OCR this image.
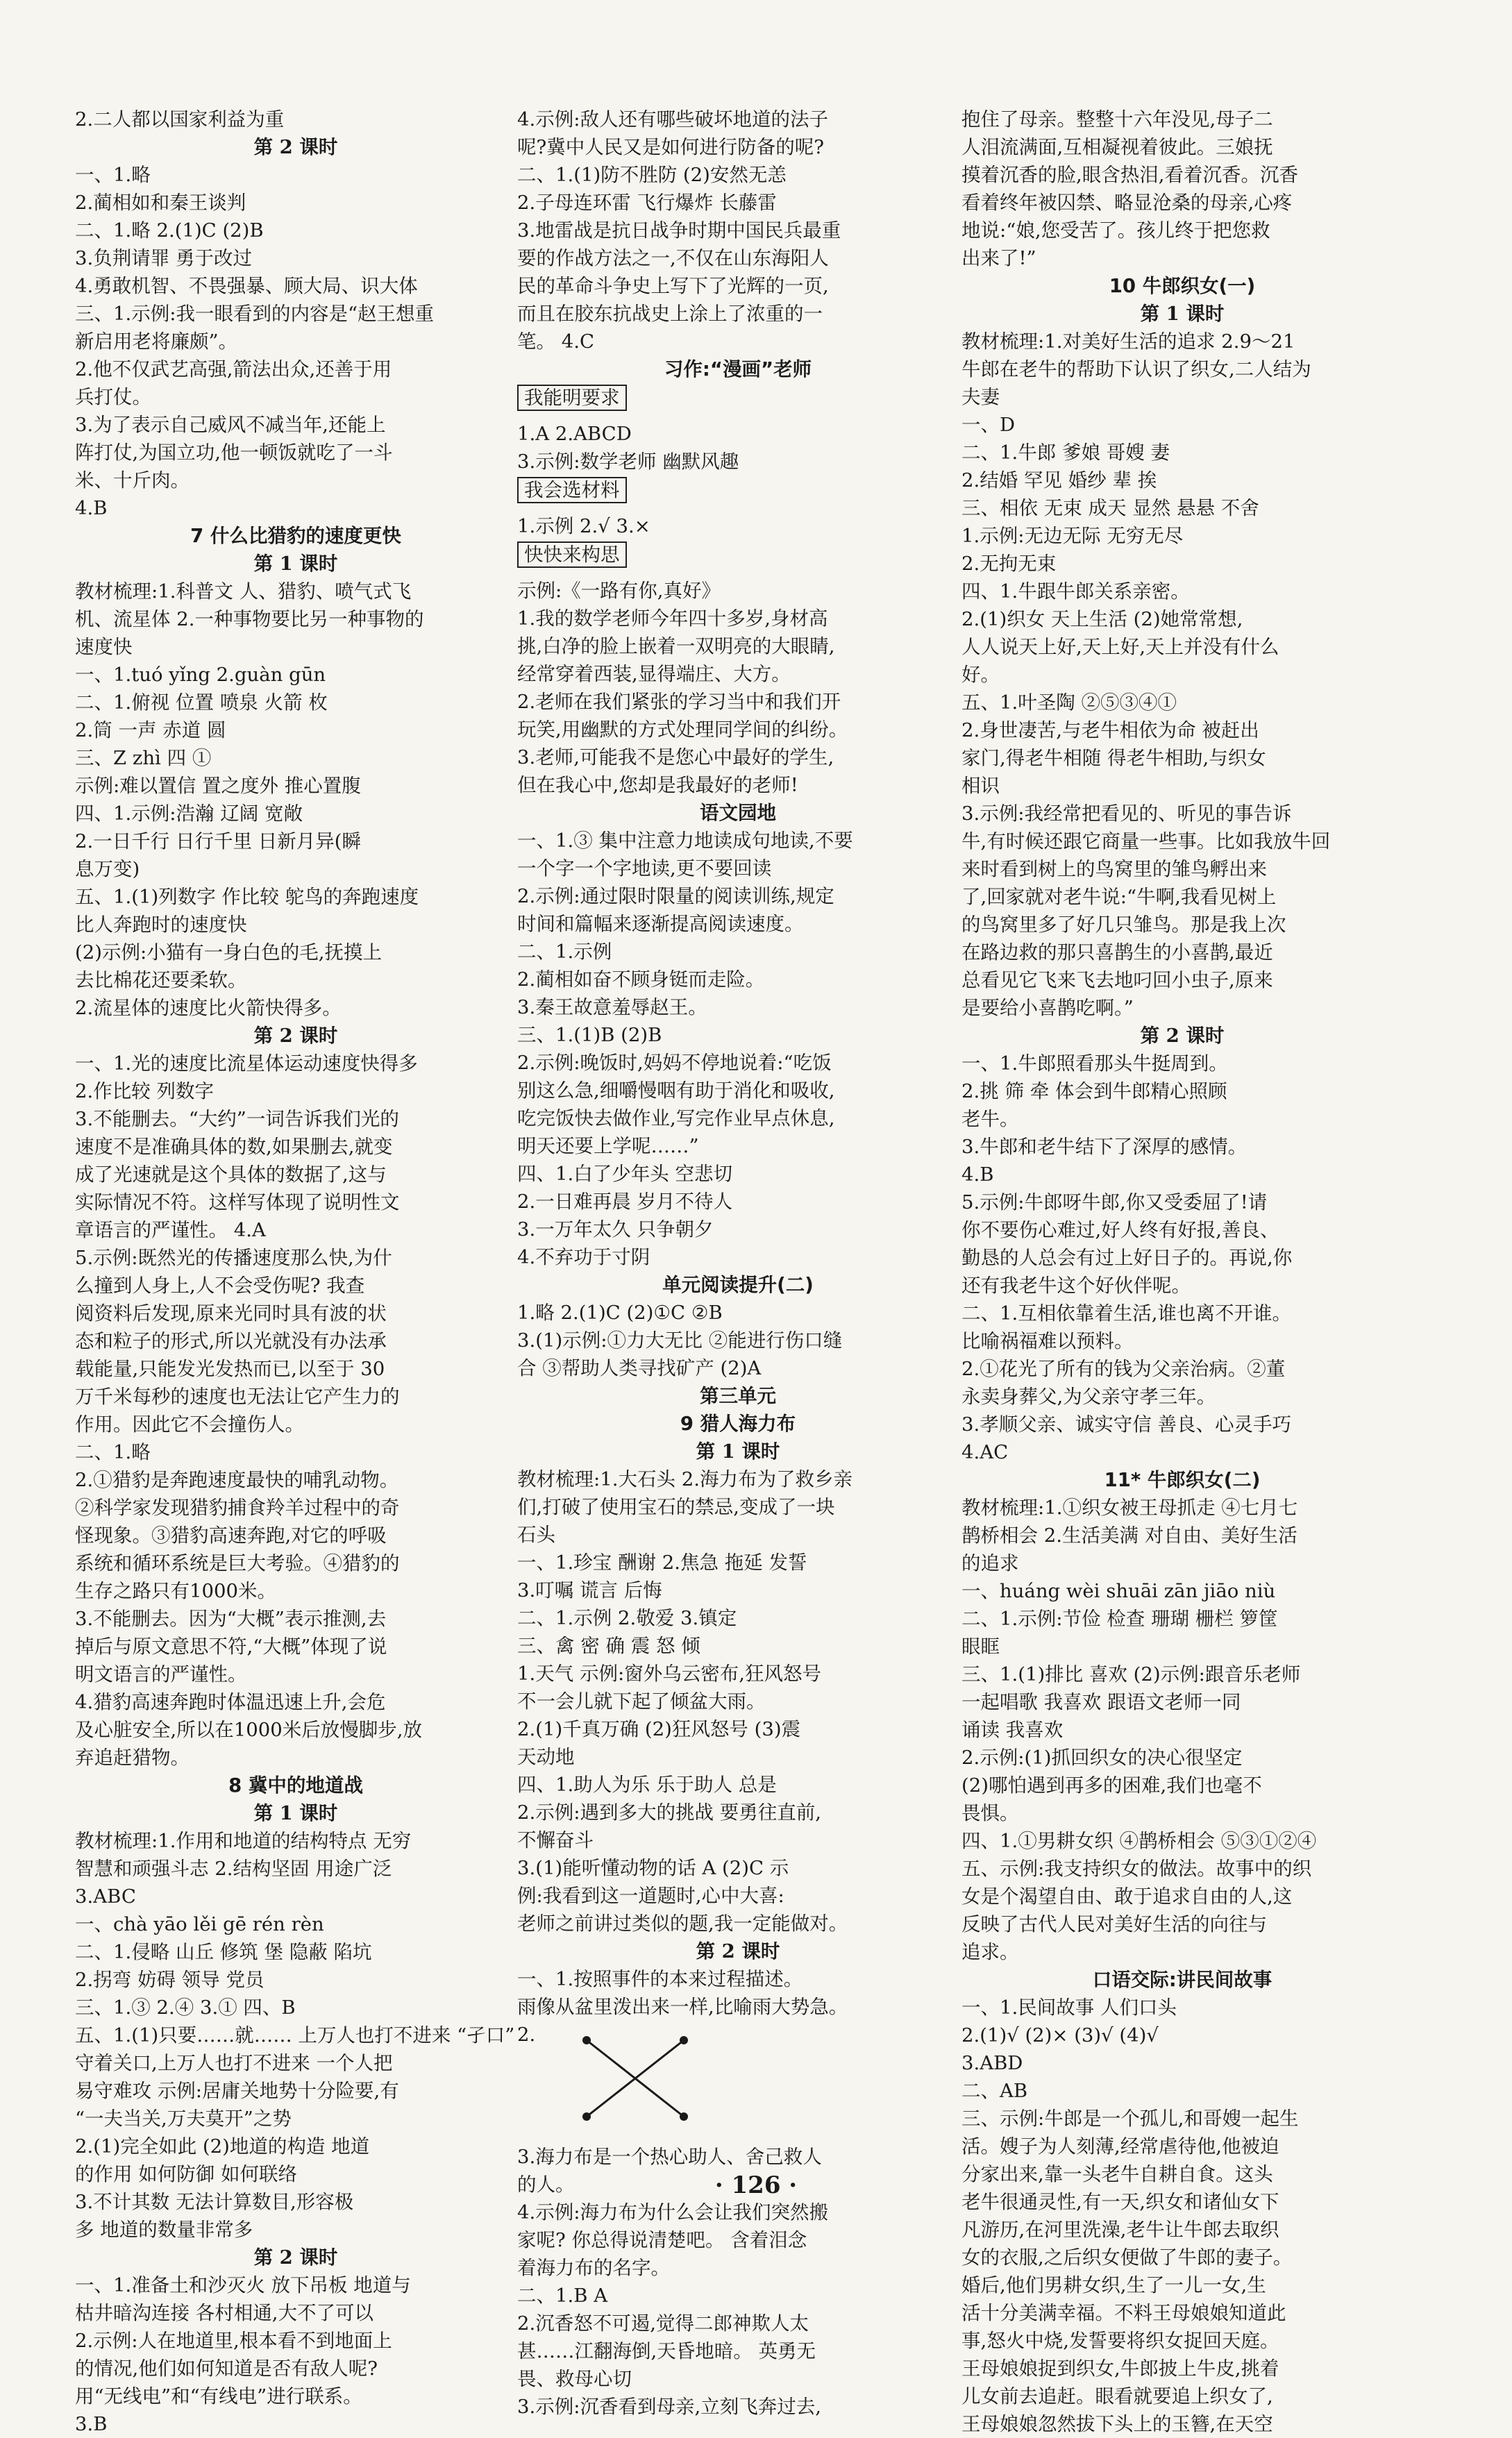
2.二人都以国家利益为重
第 2 课时
一、1.略
2.蔺相如和秦王谈判
二、1.略 2.(1)C (2)B
3.负荆请罪 勇于改过
4.勇敢机智、不畏强暴、顾大局、识大体
三、1.示例:我一眼看到的内容是“赵王想重
新启用老将廉颇”。
2.他不仅武艺高强,箭法出众,还善于用
兵打仗。
3.为了表示自己威风不减当年,还能上
阵打仗,为国立功,他一顿饭就吃了一斗
米、十斤肉。
4.B
7 什么比猎豹的速度更快
第 1 课时
教材梳理:1.科普文 人、猎豹、喷气式飞
机、流星体 2.一种事物要比另一种事物的
速度快
一、1.tuó yǐng 2.guàn gūn
二、1.俯视 位置 喷泉 火箭 枚
2.筒 一声 赤道 圆
三、Z zhì 四 ①
示例:难以置信 置之度外 推心置腹
四、1.示例:浩瀚 辽阔 宽敞
2.一日千行 日行千里 日新月异(瞬
息万变)
五、1.(1)列数字 作比较 鸵鸟的奔跑速度
比人奔跑时的速度快
(2)示例:小猫有一身白色的毛,抚摸上
去比棉花还要柔软。
2.流星体的速度比火箭快得多。
第 2 课时
一、1.光的速度比流星体运动速度快得多
2.作比较 列数字
3.不能删去。“大约”一词告诉我们光的
速度不是准确具体的数,如果删去,就变
成了光速就是这个具体的数据了,这与
实际情况不符。这样写体现了说明性文
章语言的严谨性。 4.A
5.示例:既然光的传播速度那么快,为什
么撞到人身上,人不会受伤呢? 我查
阅资料后发现,原来光同时具有波的状
态和粒子的形式,所以光就没有办法承
载能量,只能发光发热而已,以至于 30
万千米每秒的速度也无法让它产生力的
作用。因此它不会撞伤人。
二、1.略
2.①猎豹是奔跑速度最快的哺乳动物。
②科学家发现猎豹捕食羚羊过程中的奇
怪现象。③猎豹高速奔跑,对它的呼吸
系统和循环系统是巨大考验。④猎豹的
生存之路只有1000米。
3.不能删去。因为“大概”表示推测,去
掉后与原文意思不符,“大概”体现了说
明文语言的严谨性。
4.猎豹高速奔跑时体温迅速上升,会危
及心脏安全,所以在1000米后放慢脚步,放
弃追赶猎物。
8 冀中的地道战
第 1 课时
教材梳理:1.作用和地道的结构特点 无穷
智慧和顽强斗志 2.结构坚固 用途广泛
3.ABC
一、chà yāo lěi gē rén rèn
二、1.侵略 山丘 修筑 堡 隐蔽 陷坑
2.拐弯 妨碍 领导 党员
三、1.③ 2.④ 3.① 四、B
五、1.(1)只要……就…… 上万人也打不进来 “孑口”
守着关口,上万人也打不进来 一个人把
易守难攻 示例:居庸关地势十分险要,有
“一夫当关,万夫莫开”之势
2.(1)完全如此 (2)地道的构造 地道
的作用 如何防御 如何联络
3.不计其数 无法计算数目,形容极
多 地道的数量非常多
第 2 课时
一、1.准备土和沙灭火 放下吊板 地道与
枯井暗沟连接 各村相通,大不了可以
2.示例:人在地道里,根本看不到地面上
的情况,他们如何知道是否有敌人呢?
用“无线电”和“有线电”进行联系。
3.B
4.示例:敌人还有哪些破坏地道的法子
呢?冀中人民又是如何进行防备的呢?
二、1.(1)防不胜防 (2)安然无恙
2.子母连环雷 飞行爆炸 长藤雷
3.地雷战是抗日战争时期中国民兵最重
要的作战方法之一,不仅在山东海阳人
民的革命斗争史上写下了光辉的一页,
而且在胶东抗战史上涂上了浓重的一
笔。 4.C
习作:“漫画”老师
我能明要求
1.A 2.ABCD
3.示例:数学老师 幽默风趣
我会选材料
1.示例 2.√ 3.×
快快来构思
示例:《一路有你,真好》
1.我的数学老师今年四十多岁,身材高
挑,白净的脸上嵌着一双明亮的大眼睛,
经常穿着西装,显得端庄、大方。
2.老师在我们紧张的学习当中和我们开
玩笑,用幽默的方式处理同学间的纠纷。
3.老师,可能我不是您心中最好的学生,
但在我心中,您却是我最好的老师!
语文园地
一、1.③ 集中注意力地读成句地读,不要
一个字一个字地读,更不要回读
2.示例:通过限时限量的阅读训练,规定
时间和篇幅来逐渐提高阅读速度。
二、1.示例
2.蔺相如奋不顾身铤而走险。
3.秦王故意羞辱赵王。
三、1.(1)B (2)B
2.示例:晚饭时,妈妈不停地说着:“吃饭
别这么急,细嚼慢咽有助于消化和吸收,
吃完饭快去做作业,写完作业早点休息,
明天还要上学呢……”
四、1.白了少年头 空悲切
2.一日难再晨 岁月不待人
3.一万年太久 只争朝夕
4.不弃功于寸阴
单元阅读提升(二)
1.略 2.(1)C (2)①C ②B
3.(1)示例:①力大无比 ②能进行伤口缝
合 ③帮助人类寻找矿产 (2)A
第三单元
9 猎人海力布
第 1 课时
教材梳理:1.大石头 2.海力布为了救乡亲
们,打破了使用宝石的禁忌,变成了一块
石头
一、1.珍宝 酬谢 2.焦急 拖延 发誓
3.叮嘱 谎言 后悔
二、1.示例 2.敬爱 3.镇定
三、禽 密 确 震 怒 倾
1.天气 示例:窗外乌云密布,狂风怒号
不一会儿就下起了倾盆大雨。
2.(1)千真万确 (2)狂风怒号 (3)震
天动地
四、1.助人为乐 乐于助人 总是
2.示例:遇到多大的挑战 要勇往直前,
不懈奋斗
3.(1)能听懂动物的话 A (2)C 示
例:我看到这一道题时,心中大喜:
老师之前讲过类似的题,我一定能做对。
第 2 课时
一、1.按照事件的本来过程描述。
雨像从盆里泼出来一样,比喻雨大势急。
2.
3.海力布是一个热心助人、舍己救人
的人。
4.示例:海力布为什么会让我们突然搬
家呢? 你总得说清楚吧。 含着泪念
着海力布的名字。
二、1.B A
2.沉香怒不可遏,觉得二郎神欺人太
甚……江翻海倒,天昏地暗。 英勇无
畏、救母心切
3.示例:沉香看到母亲,立刻飞奔过去,
抱住了母亲。整整十六年没见,母子二
人泪流满面,互相凝视着彼此。三娘抚
摸着沉香的脸,眼含热泪,看着沉香。沉香
看着终年被囚禁、略显沧桑的母亲,心疼
地说:“娘,您受苦了。孩儿终于把您救
出来了!”
10 牛郎织女(一)
第 1 课时
教材梳理:1.对美好生活的追求 2.9～21
牛郎在老牛的帮助下认识了织女,二人结为
夫妻
一、D
二、1.牛郎 爹娘 哥嫂 妻
2.结婚 罕见 婚纱 辈 挨
三、相依 无束 成天 显然 悬悬 不舍
1.示例:无边无际 无穷无尽
2.无拘无束
四、1.牛跟牛郎关系亲密。
2.(1)织女 天上生活 (2)她常常想,
人人说天上好,天上好,天上并没有什么
好。
五、1.叶圣陶 ②⑤③④①
2.身世凄苦,与老牛相依为命 被赶出
家门,得老牛相随 得老牛相助,与织女
相识
3.示例:我经常把看见的、听见的事告诉
牛,有时候还跟它商量一些事。比如我放牛回
来时看到树上的鸟窝里的雏鸟孵出来
了,回家就对老牛说:“牛啊,我看见树上
的鸟窝里多了好几只雏鸟。那是我上次
在路边救的那只喜鹊生的小喜鹊,最近
总看见它飞来飞去地叼回小虫子,原来
是要给小喜鹊吃啊。”
第 2 课时
一、1.牛郎照看那头牛挺周到。
2.挑 筛 牵 体会到牛郎精心照顾
老牛。
3.牛郎和老牛结下了深厚的感情。
4.B
5.示例:牛郎呀牛郎,你又受委屈了!请
你不要伤心难过,好人终有好报,善良、
勤恳的人总会有过上好日子的。再说,你
还有我老牛这个好伙伴呢。
二、1.互相依靠着生活,谁也离不开谁。
比喻祸福难以预料。
2.①花光了所有的钱为父亲治病。②董
永卖身葬父,为父亲守孝三年。
3.孝顺父亲、诚实守信 善良、心灵手巧
4.AC
11* 牛郎织女(二)
教材梳理:1.①织女被王母抓走 ④七月七
鹊桥相会 2.生活美满 对自由、美好生活
的追求
一、huáng wèi shuāi zān jiāo niù
二、1.示例:节俭 检查 珊瑚 栅栏 箩筐
眼眶
三、1.(1)排比 喜欢 (2)示例:跟音乐老师
一起唱歌 我喜欢 跟语文老师一同
诵读 我喜欢
2.示例:(1)抓回织女的决心很坚定
(2)哪怕遇到再多的困难,我们也毫不
畏惧。
四、1.①男耕女织 ④鹊桥相会 ⑤③①②④
五、示例:我支持织女的做法。故事中的织
女是个渴望自由、敢于追求自由的人,这
反映了古代人民对美好生活的向往与
追求。
口语交际:讲民间故事
一、1.民间故事 人们口头
2.(1)√ (2)× (3)√ (4)√
3.ABD
二、AB
三、示例:牛郎是一个孤儿,和哥嫂一起生
活。嫂子为人刻薄,经常虐待他,他被迫
分家出来,靠一头老牛自耕自食。这头
老牛很通灵性,有一天,织女和诸仙女下
凡游历,在河里洗澡,老牛让牛郎去取织
女的衣服,之后织女便做了牛郎的妻子。
婚后,他们男耕女织,生了一儿一女,生
活十分美满幸福。不料王母娘娘知道此
事,怒火中烧,发誓要将织女捉回天庭。
王母娘娘捉到织女,牛郎披上牛皮,挑着
儿女前去追赶。眼看就要追上织女了,
王母娘娘忽然拔下头上的玉簪,在天空
· 126 ·
